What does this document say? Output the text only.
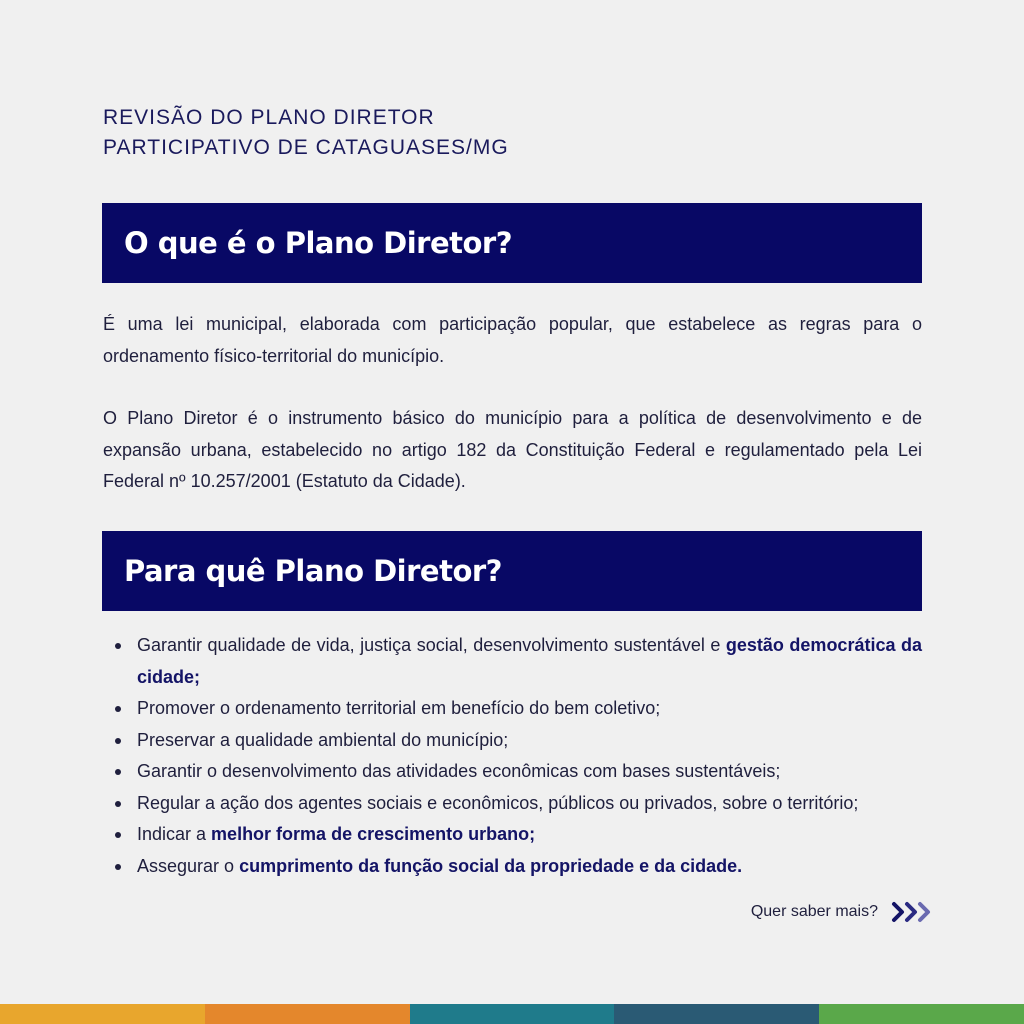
REVISÃO DO PLANO DIRETOR
PARTICIPATIVO DE CATAGUASES/MG
O que é o Plano Diretor?
É uma lei municipal, elaborada com participação popular, que estabelece as regras para o ordenamento físico-territorial do município.
O Plano Diretor é o instrumento básico do município para a política de desenvolvimento e de expansão urbana, estabelecido no artigo 182 da Constituição Federal e regulamentado pela Lei Federal nº 10.257/2001 (Estatuto da Cidade).
Para quê Plano Diretor?
Garantir qualidade de vida, justiça social, desenvolvimento sustentável e gestão democrática da cidade;
Promover o ordenamento territorial em benefício do bem coletivo;
Preservar a qualidade ambiental do município;
Garantir o desenvolvimento das atividades econômicas com bases sustentáveis;
Regular a ação dos agentes sociais e econômicos, públicos ou privados, sobre o território;
Indicar a melhor forma de crescimento urbano;
Assegurar o cumprimento da função social da propriedade e da cidade.
Quer saber mais?
